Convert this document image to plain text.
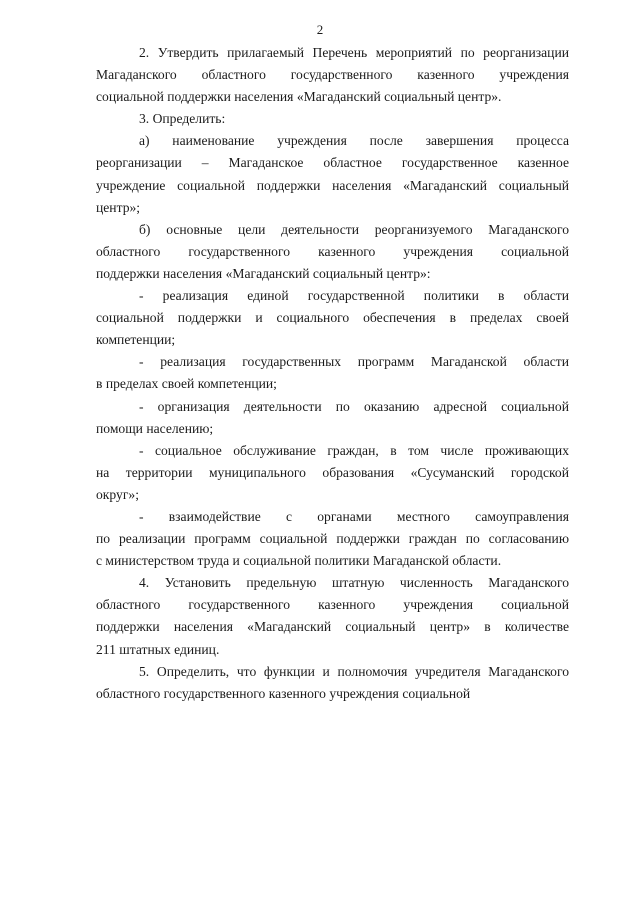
2

2. Утвердить прилагаемый Перечень мероприятий по реорганизации
Магаданского областного государственного казенного учреждения
социальной поддержки населения «Магаданский социальный центр».

3. Определить:

а) наименование учреждения после завершения процесса
реорганизации – Магаданское областное государственное казенное
учреждение социальной поддержки населения «Магаданский социальный
центр»;

б) основные цели деятельности реорганизуемого Магаданского
областного государственного казенного учреждения социальной
поддержки населения «Магаданский социальный центр»:

- реализация единой государственной политики в области
социальной поддержки и социального обеспечения в пределах своей
компетенции;

- реализация государственных программ Магаданской области
в пределах своей компетенции;

- организация деятельности по оказанию адресной социальной
помощи населению;

- социальное обслуживание граждан, в том числе проживающих
на территории муниципального образования «Сусуманский городской
округ»;

- взаимодействие с органами местного самоуправления
по реализации программ социальной поддержки граждан по согласованию
с министерством труда и социальной политики Магаданской области.

4. Установить предельную штатную численность Магаданского
областного государственного казенного учреждения социальной
поддержки населения «Магаданский социальный центр» в количестве
211 штатных единиц.

5. Определить, что функции и полномочия учредителя Магаданского
областного государственного казенного учреждения социальной
